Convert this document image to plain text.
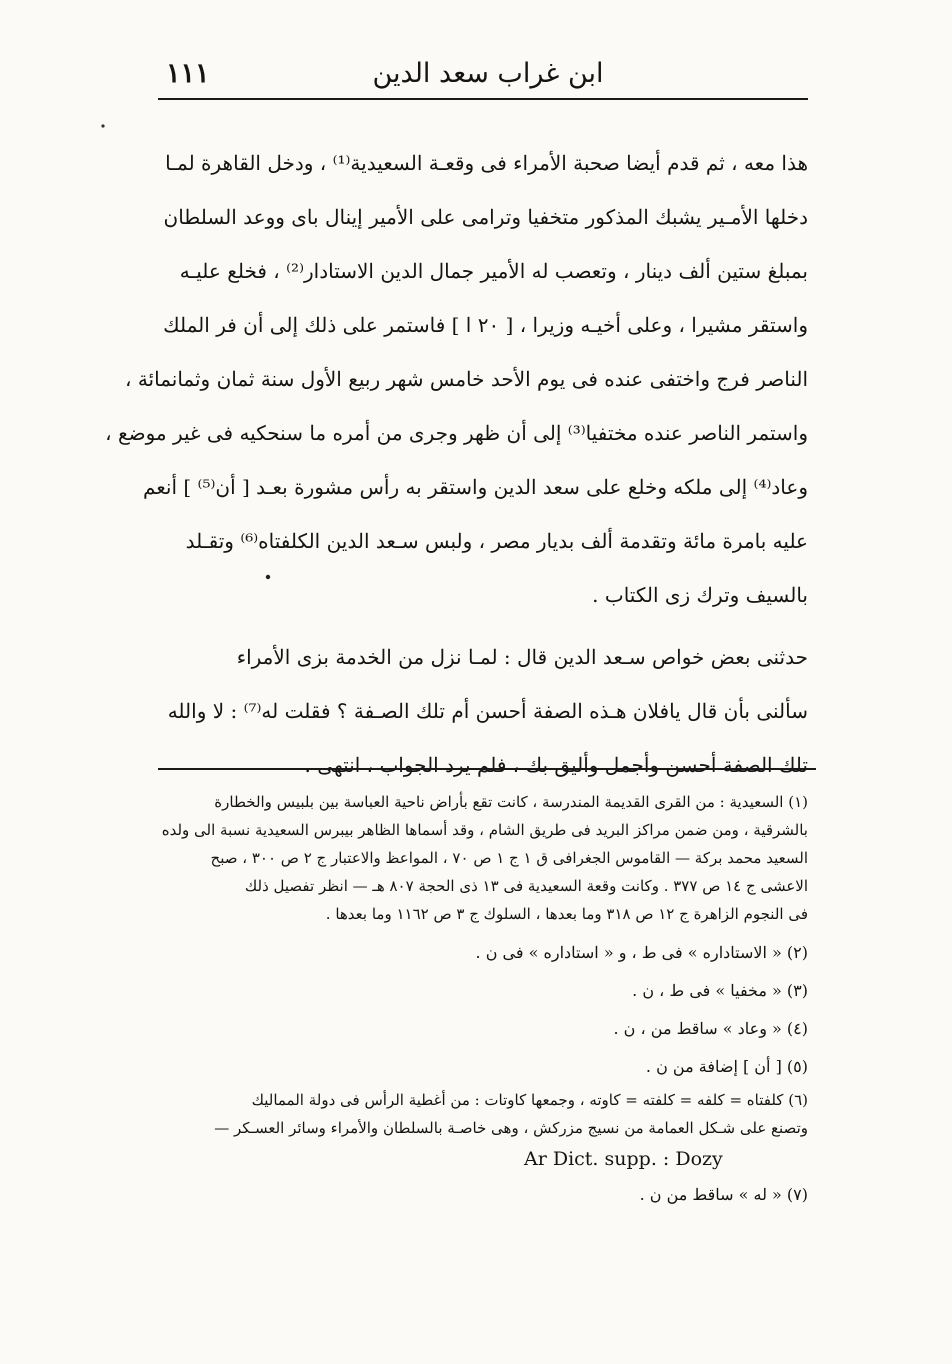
١١١	ابن غراب سعد الدين
هذا معه ، ثم قدم أيضا صحبة الأمراء فى وقعـة السعيدية⁽¹⁾ ، ودخل القاهرة لمـا
دخلها الأمـير يشبك المذكور متخفيا وترامى على الأمير إينال باى ووعد السلطان
بمبلغ ستين ألف دينار ، وتعصب له الأمير جمال الدين الاستادار⁽²⁾ ، فخلع عليـه
واستقر مشيرا ، وعلى أخيـه وزيرا ، [ ٢٠ ا ] فاستمر على ذلك إلى أن فر الملك
الناصر فرج واختفى عنده فى يوم الأحد خامس شهر ربيع الأول سنة ثمان وثمانمائة ،
واستمر الناصر عنده مختفيا⁽³⁾ إلى أن ظهر وجرى من أمره ما سنحكيه فى غير موضع ،
وعاد⁽⁴⁾ إلى ملكه وخلع على سعد الدين واستقر به رأس مشورة بعـد [ أن⁽⁵⁾ ] أنعم
عليه بامرة مائة وتقدمة ألف بديار مصر ، ولبس سـعد الدين الكلفتاه⁽⁶⁾ وتقـلد
بالسيف وترك زى الكتاب .
حدثنى بعض خواص سـعد الدين قال : لمـا نزل من الخدمة بزى الأمراء
سألنى بأن قال يافلان هـذه الصفة أحسن أم تلك الصـفة ؟ فقلت له⁽⁷⁾ : لا والله
تلك الصفة أحسن وأجمل وأليق بك ، فلم يرد الجواب ، انتهى .
(١) السعيدية : من القرى القديمة المندرسة ، كانت تقع بأراض ناحية العباسة بين بلبيس والخطارة
بالشرقية ، ومن ضمن مراكز البريد فى طريق الشام ، وقد أسماها الظاهر بيبرس السعيدية نسبة الى ولده
السعيد محمد بركة — القاموس الجغرافى ق ١ ج ١ ص ٧٠ ، المواعظ والاعتبار ج ٢ ص ٣٠٠ ، صبح
الاعشى ج ١٤ ص ٣٧٧ . وكانت وقعة السعيدية فى ١٣ ذى الحجة ٨٠٧ هـ — انظر تفصيل ذلك
فى النجوم الزاهرة ج ١٢ ص ٣١٨ وما بعدها ، السلوك ج ٣ ص ١١٦٢ وما بعدها .
(٢) « الاستاداره » فى ط ، و « استاداره » فى ن .
(٣) « مخفيا » فى ط ، ن .
(٤) « وعاد » ساقط من ، ن .
(٥) [ أن ] إضافة من ن .
(٦) كلفتاه = كلفه = كلفته = كاوته ، وجمعها كاوتات : من أغطية الرأس فى دولة المماليك
وتصنع على شـكل العمامة من نسيج مزركش ، وهى خاصـة بالسلطان والأمراء وسائر العسـكر —
Ar Dict. supp. : Dozy
(٧) « له » ساقط من ن .
